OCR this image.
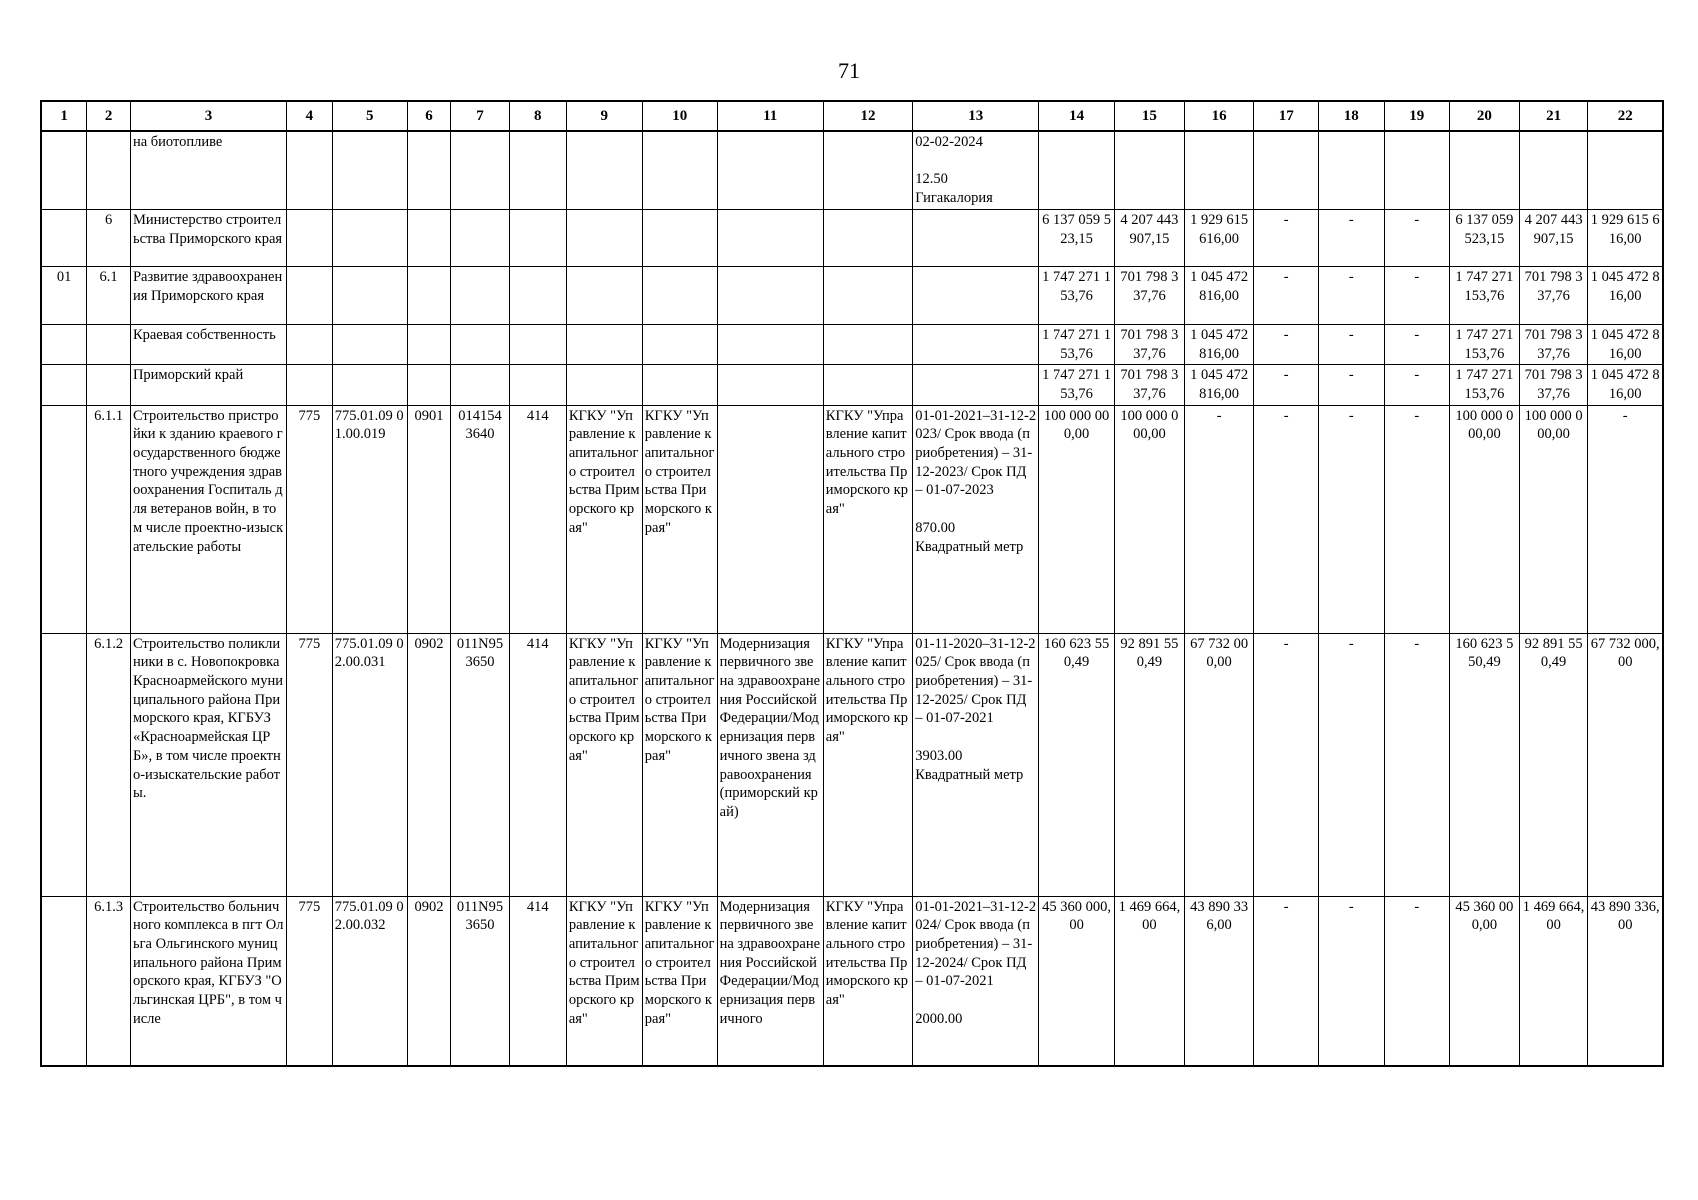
71
1	2	3	4	5	6	7	8	9	10	11	12	13	14	15	16	17	18	19	20	21	22
		на биотопливе										02-02-2024

12.50
Гигакалория									
	6	Министерство строительства Приморского края											6 137 059 523,15	4 207 443 907,15	1 929 615 616,00	-	-	-	6 137 059 523,15	4 207 443 907,15	1 929 615 616,00
01	6.1	Развитие здравоохранения Приморского края											1 747 271 153,76	701 798 337,76	1 045 472 816,00	-	-	-	1 747 271 153,76	701 798 337,76	1 045 472 816,00
		Краевая собственность											1 747 271 153,76	701 798 337,76	1 045 472 816,00	-	-	-	1 747 271 153,76	701 798 337,76	1 045 472 816,00
		Приморский край											1 747 271 153,76	701 798 337,76	1 045 472 816,00	-	-	-	1 747 271 153,76	701 798 337,76	1 045 472 816,00
	6.1.1	Строительство пристройки к зданию краевого государственного бюджетного учреждения здравоохранения Госпиталь для ветеранов войн, в том числе проектно-изыскательские работы	775	775.01.09 01.00.019	0901	014154 3640	414	КГКУ "Управление капитального строительства Приморского края"	КГКУ "Управление капитального строительства Приморского края"		КГКУ "Управление капитального строительства Приморского края"	01-01-2021–31-12-2023/ Срок ввода (приобретения) – 31-12-2023/ Срок ПД – 01-07-2023

870.00
Квадратный метр	100 000 000,00	100 000 000,00	-	-	-	-	100 000 000,00	100 000 000,00	-
	6.1.2	Строительство поликлиники в с. Новопокровка Красноармейского муниципального района Приморского края, КГБУЗ «Красноармейская ЦРБ», в том числе проектно-изыскательские работы.	775	775.01.09 02.00.031	0902	011N95 3650	414	КГКУ "Управление капитального строительства Приморского края"	КГКУ "Управление капитального строительства Приморского края"	Модернизация первичного звена здравоохранения Российской Федерации/Модернизация первичного звена здравоохранения (приморский край)	КГКУ "Управление капитального строительства Приморского края"	01-11-2020–31-12-2025/ Срок ввода (приобретения) – 31-12-2025/ Срок ПД – 01-07-2021

3903.00
Квадратный метр	160 623 550,49	92 891 550,49	67 732 000,00	-	-	-	160 623 550,49	92 891 550,49	67 732 000,00
	6.1.3	Строительство больничного комплекса в пгт Ольга Ольгинского муниципального района Приморского края, КГБУЗ "Ольгинская ЦРБ", в том числе	775	775.01.09 02.00.032	0902	011N95 3650	414	КГКУ "Управление капитального строительства Приморского края"	КГКУ "Управление капитального строительства Приморского края"	Модернизация первичного звена здравоохранения Российской Федерации/Модернизация первичного	КГКУ "Управление капитального строительства Приморского края"	01-01-2021–31-12-2024/ Срок ввода (приобретения) – 31-12-2024/ Срок ПД – 01-07-2021

2000.00	45 360 000,00	1 469 664,00	43 890 336,00	-	-	-	45 360 000,00	1 469 664,00	43 890 336,00
